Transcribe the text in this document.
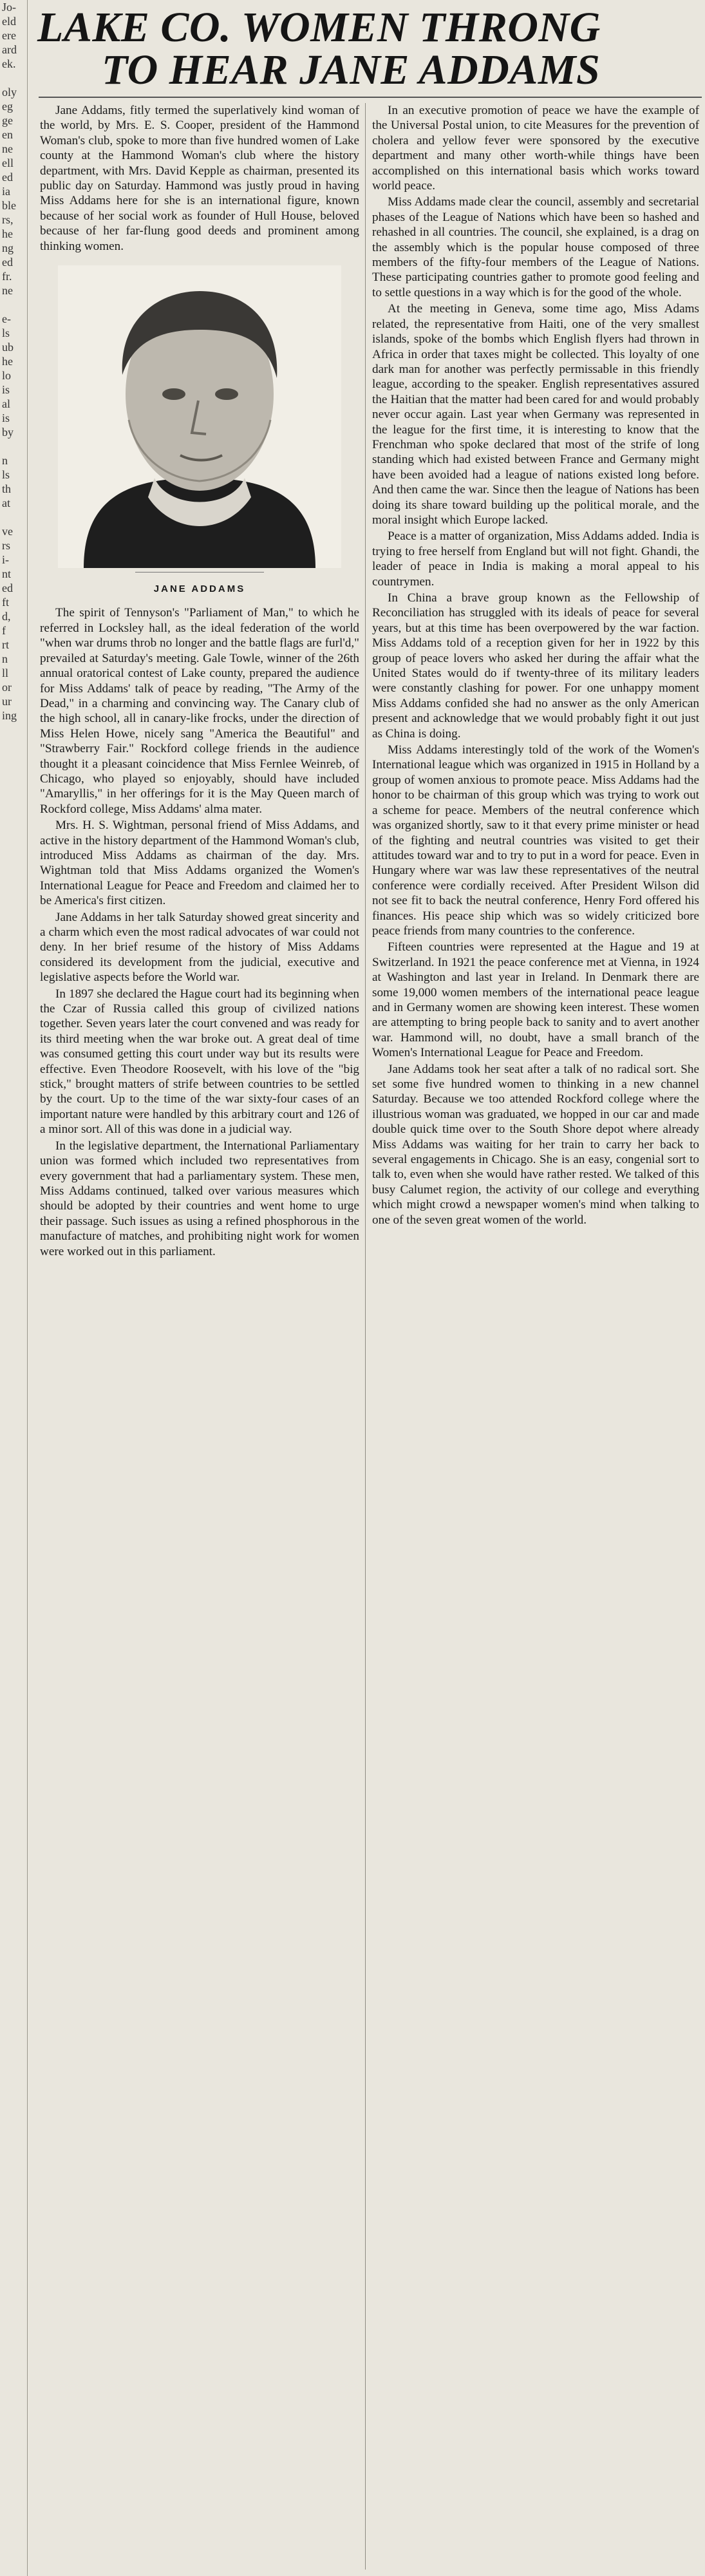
Jo-
eld
ere
ard
ek.

oly
eg
ge
en
ne
ell
ed
ia
ble
rs,
he
ng
ed
fr.
ne

e-
ls
ub
he
lo
is
al
is
by

n
ls
th
at

ve
rs
i-
nt
ed
ft
d,
f
rt
n
ll
or
ur
ing
LAKE CO. WOMEN THRONG
TO HEAR JANE ADDAMS

Jane Addams, fitly termed the superlatively kind woman of the world, by Mrs. E. S. Cooper, president of the Hammond Woman's club, spoke to more than five hundred women of Lake county at the Hammond Woman's club where the history department, with Mrs. David Kepple as chairman, presented its public day on Saturday. Hammond was justly proud in having Miss Addams here for she is an international figure, known because of her social work as founder of Hull House, beloved because of her far-flung good deeds and prominent among thinking women.

JANE ADDAMS

The spirit of Tennyson's "Parliament of Man," to which he referred in Locksley hall, as the ideal federation of the world "when war drums throb no longer and the battle flags are furl'd," prevailed at Saturday's meeting. Gale Towle, winner of the 26th annual oratorical contest of Lake county, prepared the audience for Miss Addams' talk of peace by reading, "The Army of the Dead," in a charming and convincing way. The Canary club of the high school, all in canary-like frocks, under the direction of Miss Helen Howe, nicely sang "America the Beautiful" and "Strawberry Fair." Rockford college friends in the audience thought it a pleasant coincidence that Miss Fernlee Weinreb, of Chicago, who played so enjoyably, should have included "Amaryllis," in her offerings for it is the May Queen march of Rockford college, Miss Addams' alma mater.

Mrs. H. S. Wightman, personal friend of Miss Addams, and active in the history department of the Hammond Woman's club, introduced Miss Addams as chairman of the day. Mrs. Wightman told that Miss Addams organized the Women's International League for Peace and Freedom and claimed her to be America's first citizen.

Jane Addams in her talk Saturday showed great sincerity and a charm which even the most radical advocates of war could not deny. In her brief resume of the history of Miss Addams considered its development from the judicial, executive and legislative aspects before the World war.

In 1897 she declared the Hague court had its beginning when the Czar of Russia called this group of civilized nations together. Seven years later the court convened and was ready for its third meeting when the war broke out. A great deal of time was consumed getting this court under way but its results were effective. Even Theodore Roosevelt, with his love of the "big stick," brought matters of strife between countries to be settled by the court. Up to the time of the war sixty-four cases of an important nature were handled by this arbitrary court and 126 of a minor sort. All of this was done in a judicial way.

In the legislative department, the International Parliamentary union was formed which included two representatives from every government that had a parliamentary system. These men, Miss Addams continued, talked over various measures which should be adopted by their countries and went home to urge their passage. Such issues as using a refined phosphorous in the manufacture of matches, and prohibiting night work for women were worked out in this parliament.

In an executive promotion of peace we have the example of the Universal Postal union, to cite Measures for the prevention of cholera and yellow fever were sponsored by the executive department and many other worth-while things have been accomplished on this international basis which works toward world peace.

Miss Addams made clear the council, assembly and secretarial phases of the League of Nations which have been so hashed and rehashed in all countries. The council, she explained, is a drag on the assembly which is the popular house composed of three members of the fifty-four members of the League of Nations. These participating countries gather to promote good feeling and to settle questions in a way which is for the good of the whole.

At the meeting in Geneva, some time ago, Miss Adams related, the representative from Haiti, one of the very smallest islands, spoke of the bombs which English flyers had thrown in Africa in order that taxes might be collected. This loyalty of one dark man for another was perfectly permissable in this friendly league, according to the speaker. English representatives assured the Haitian that the matter had been cared for and would probably never occur again. Last year when Germany was represented in the league for the first time, it is interesting to know that the Frenchman who spoke declared that most of the strife of long standing which had existed between France and Germany might have been avoided had a league of nations existed long before. And then came the war. Since then the league of Nations has been doing its share toward building up the political morale, and the moral insight which Europe lacked.

Peace is a matter of organization, Miss Addams added. India is trying to free herself from England but will not fight. Ghandi, the leader of peace in India is making a moral appeal to his countrymen.

In China a brave group known as the Fellowship of Reconciliation has struggled with its ideals of peace for several years, but at this time has been overpowered by the war faction. Miss Addams told of a reception given for her in 1922 by this group of peace lovers who asked her during the affair what the United States would do if twenty-three of its military leaders were constantly clashing for power. For one unhappy moment Miss Addams confided she had no answer as the only American present and acknowledge that we would probably fight it out just as China is doing.

Miss Addams interestingly told of the work of the Women's International league which was organized in 1915 in Holland by a group of women anxious to promote peace. Miss Addams had the honor to be chairman of this group which was trying to work out a scheme for peace. Members of the neutral conference which was organized shortly, saw to it that every prime minister or head of the fighting and neutral countries was visited to get their attitudes toward war and to try to put in a word for peace. Even in Hungary where war was law these representatives of the neutral conference were cordially received. After President Wilson did not see fit to back the neutral conference, Henry Ford offered his finances. His peace ship which was so widely criticized bore peace friends from many countries to the conference.

Fifteen countries were represented at the Hague and 19 at Switzerland. In 1921 the peace conference met at Vienna, in 1924 at Washington and last year in Ireland. In Denmark there are some 19,000 women members of the international peace league and in Germany women are showing keen interest. These women are attempting to bring people back to sanity and to avert another war. Hammond will, no doubt, have a small branch of the Women's International League for Peace and Freedom.

Jane Addams took her seat after a talk of no radical sort. She set some five hundred women to thinking in a new channel Saturday. Because we too attended Rockford college where the illustrious woman was graduated, we hopped in our car and made double quick time over to the South Shore depot where already Miss Addams was waiting for her train to carry her back to several engagements in Chicago. She is an easy, congenial sort to talk to, even when she would have rather rested. We talked of this busy Calumet region, the activity of our college and everything which might crowd a newspaper women's mind when talking to one of the seven great women of the world.
